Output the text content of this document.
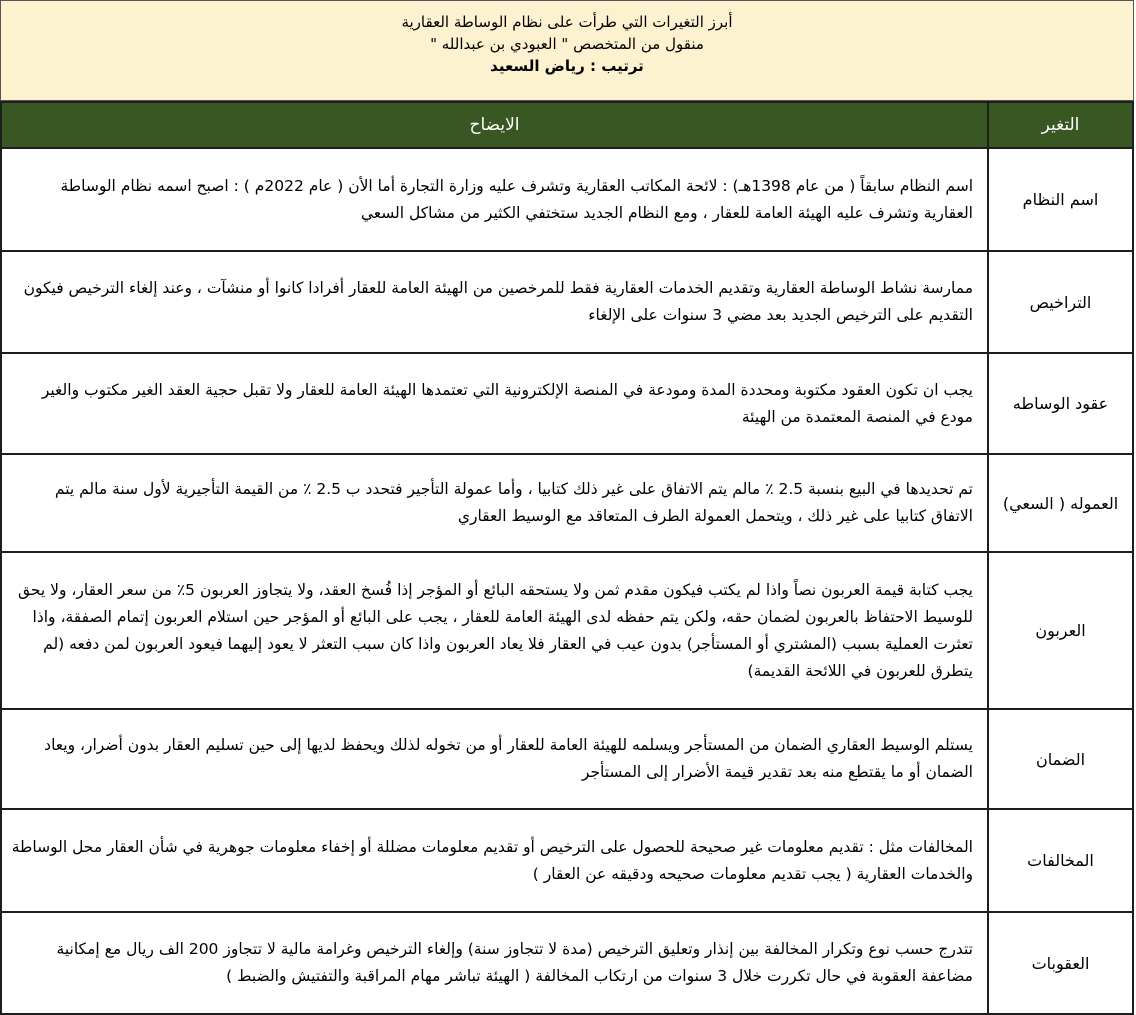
أبرز التغيرات التي طرأت على نظام الوساطة العقارية
منقول من المتخصص " العبودي بن عبدالله "
ترتيب : رياض السعيد
التغير	الايضاح
اسم النظام	اسم النظام سابقاً ( من عام 1398هـ) : لائحة المكاتب العقارية وتشرف عليه وزارة التجارة أما الأن ( عام 2022م ) : اصبح اسمه نظام الوساطة العقارية وتشرف عليه الهيئة العامة للعقار ، ومع النظام الجديد ستختفي الكثير من مشاكل السعي
التراخيص	ممارسة نشاط الوساطة العقارية وتقديم الخدمات العقارية فقط للمرخصين من الهيئة العامة للعقار أفرادا كانوا أو منشآت ، وعند إلغاء الترخيص فيكون التقديم على الترخيص الجديد بعد مضي 3 سنوات على الإلغاء
عقود الوساطه	يجب ان تكون العقود مكتوبة ومحددة المدة ومودعة في المنصة الإلكترونية التي تعتمدها الهيئة العامة للعقار ولا تقبل حجية العقد الغير مكتوب والغير مودع في المنصة المعتمدة من الهيئة
العموله ( السعي)	تم تحديدها في البيع بنسبة 2.5 ٪ مالم يتم الاتفاق على غير ذلك كتابيا ، وأما عمولة التأجير فتحدد ب 2.5 ٪ من القيمة التأجيرية لأول سنة مالم يتم الاتفاق كتابيا على غير ذلك ، ويتحمل العمولة الطرف المتعاقد مع الوسيط العقاري
العربون	يجب كتابة قيمة العربون نصاً واذا لم يكتب فيكون مقدم ثمن ولا يستحقه البائع أو المؤجر إذا فُسخ العقد، ولا يتجاوز العربون 5٪ من سعر العقار، ولا يحق للوسيط الاحتفاظ بالعربون لضمان حقه، ولكن يتم حفظه لدى الهيئة العامة للعقار ، يجب على البائع أو المؤجر حين استلام العربون إتمام الصفقة، واذا تعثرت العملية بسبب (المشتري أو المستأجر) بدون عيب في العقار فلا يعاد العربون واذا كان سبب التعثر لا يعود إليهما فيعود العربون لمن دفعه (لم يتطرق للعربون في اللائحة القديمة)
الضمان	يستلم الوسيط العقاري الضمان من المستأجر ويسلمه للهيئة العامة للعقار أو من تخوله لذلك ويحفظ لديها إلى حين تسليم العقار بدون أضرار، ويعاد الضمان أو ما يقتطع منه بعد تقدير قيمة الأضرار إلى المستأجر
المخالفات	المخالفات مثل : تقديم معلومات غير صحيحة للحصول على الترخيص أو تقديم معلومات مضللة أو إخفاء معلومات جوهرية في شأن العقار محل الوساطة والخدمات العقارية ( يجب تقديم معلومات صحيحه ودقيقه عن العقار )
العقوبات	تتدرج حسب نوع وتكرار المخالفة بين إنذار وتعليق الترخيص (مدة لا تتجاوز سنة) وإلغاء الترخيص وغرامة مالية لا تتجاوز 200 الف ريال مع إمكانية مضاعفة العقوبة في حال تكررت خلال 3 سنوات من ارتكاب المخالفة ( الهيئة تباشر مهام المراقبة والتفتيش والضبط )
